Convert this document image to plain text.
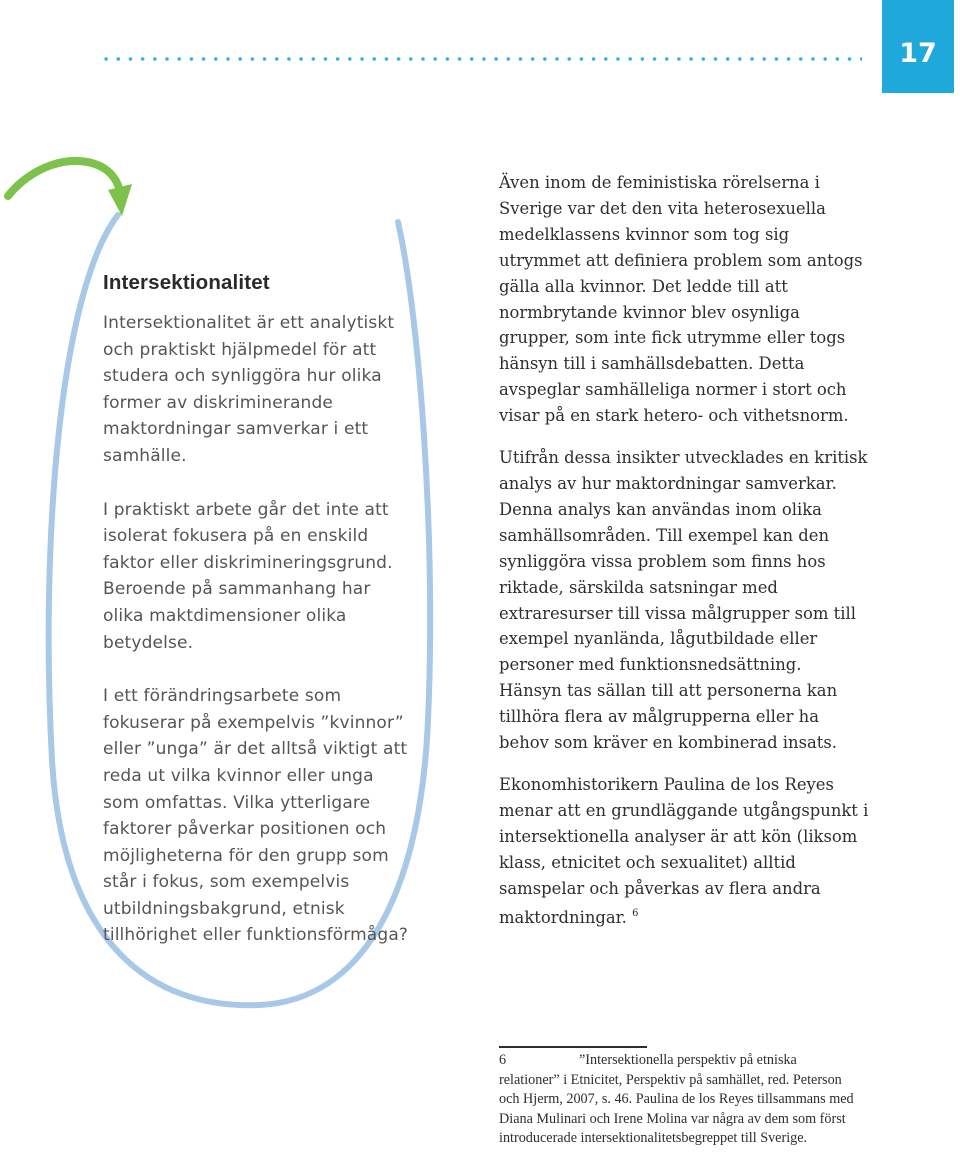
17
Intersektionalitet

Intersektionalitet är ett analytiskt och praktiskt hjälpmedel för att studera och synliggöra hur olika former av diskriminerande maktordningar samverkar i ett samhälle.

I praktiskt arbete går det inte att isolerat fokusera på en enskild faktor eller diskrimineringsgrund. Beroende på sammanhang har olika maktdimensioner olika betydelse.

I ett förändringsarbete som fokuserar på exempelvis ”kvinnor” eller ”unga” är det alltså viktigt att reda ut vilka kvinnor eller unga som omfattas. Vilka ytterligare faktorer påverkar positionen och möjligheterna för den grupp som står i fokus, som exempelvis utbildningsbakgrund, etnisk tillhörighet eller funktionsförmåga?

Även inom de feministiska rörelserna i Sverige var det den vita heterosexuella medelklassens kvinnor som tog sig utrymmet att definiera problem som antogs gälla alla kvinnor. Det ledde till att normbrytande kvinnor blev osynliga grupper, som inte fick utrymme eller togs hänsyn till i samhällsdebatten. Detta avspeglar samhälleliga normer i stort och visar på en stark hetero- och vithetsnorm.

Utifrån dessa insikter utvecklades en kritisk analys av hur maktordningar samverkar. Denna analys kan användas inom olika samhällsområden. Till exempel kan den synliggöra vissa problem som finns hos riktade, särskilda satsningar med extraresurser till vissa målgrupper som till exempel nyanlända, lågutbildade eller personer med funktionsnedsättning. Hänsyn tas sällan till att personerna kan tillhöra flera av målgrupperna eller ha behov som kräver en kombinerad insats.

Ekonomhistorikern Paulina de los Reyes menar att en grundläggande utgångspunkt i intersektionella analyser är att kön (liksom klass, etnicitet och sexualitet) alltid samspelar och påverkas av flera andra maktordningar. $^6$

6	”Intersektionella perspektiv på etniska relationer” i Etnicitet, Perspektiv på samhället, red. Peterson och Hjerm, 2007, s. 46. Paulina de los Reyes tillsammans med Diana Mulinari och Irene Molina var några av dem som först introducerade intersektionalitetsbegreppet till Sverige.
